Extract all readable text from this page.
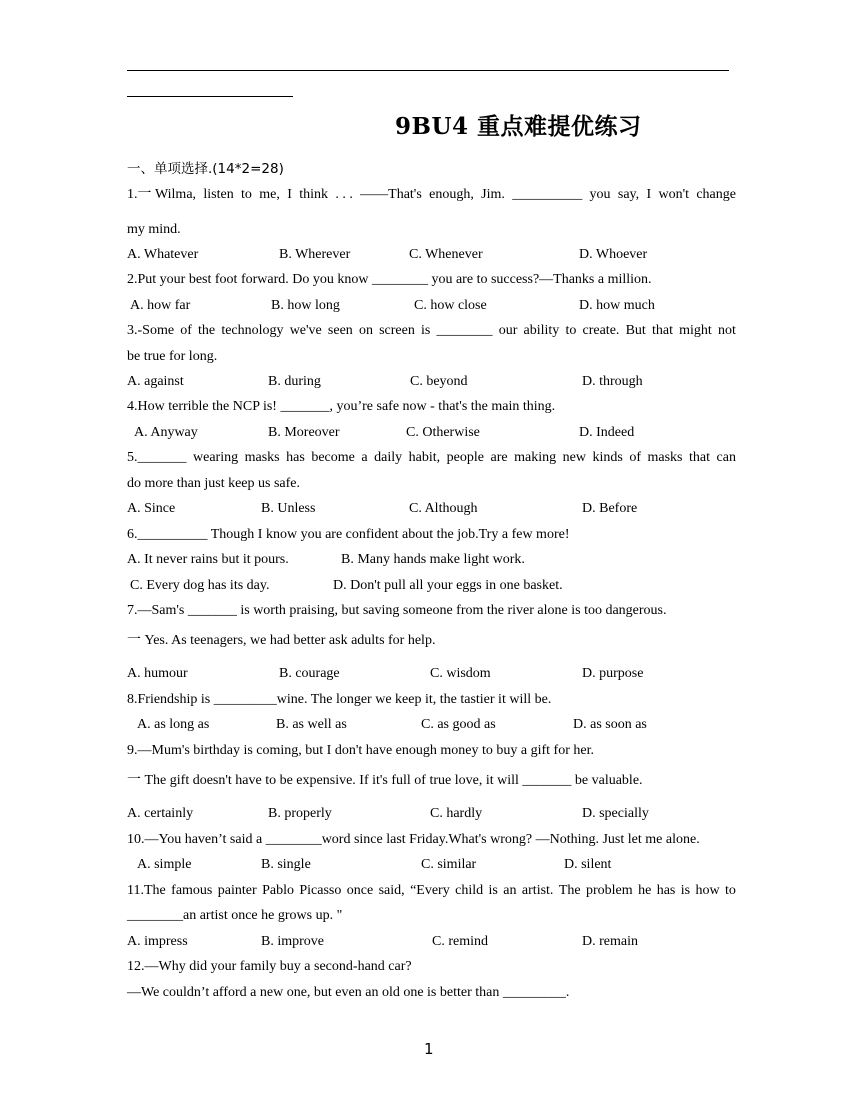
9BU4 重点难提优练习
一、单项选择.(14*2=28)
1.一 Wilma, listen to me, I think . . . ——That's enough, Jim. __________ you say, I won't change
my mind.
A. Whatever	B. Wherever	C. Whenever	D. Whoever
2.Put your best foot forward. Do you know ________ you are to success?—Thanks a million.
A. how far	B. how long	C. how close	D. how much
3.-Some of the technology we've seen on screen is ________ our ability to create. But that might not
be true for long.
A. against	B. during	C. beyond	D. through
4.How terrible the NCP is! _______, you’re safe now - that's the main thing.
A. Anyway	B. Moreover	C. Otherwise	D. Indeed
5._______ wearing masks has become a daily habit, people are making new kinds of masks that can
do more than just keep us safe.
A. Since	B. Unless	C. Although	D. Before
6.__________ Though I know you are confident about the job.Try a few more!
A. It never rains but it pours.	B. Many hands make light work.
C. Every dog has its day.	D. Don't pull all your eggs in one basket.
7.—Sam's _______ is worth praising, but saving someone from the river alone is too dangerous.
一 Yes. As teenagers, we had better ask adults for help.
A. humour	B. courage	C. wisdom	D. purpose
8.Friendship is _________wine. The longer we keep it, the tastier it will be.
A. as long as	B. as well as	C. as good as	D. as soon as
9.—Mum's birthday is coming, but I don't have enough money to buy a gift for her.
一 The gift doesn't have to be expensive. If it's full of true love, it will _______ be valuable.
A. certainly	B. properly	C. hardly	D. specially
10.—You haven’t said a ________word since last Friday.What's wrong? —Nothing. Just let me alone.
A. simple	B. single	C. similar	D. silent
11.The famous painter Pablo Picasso once said, “Every child is an artist. The problem he has is how to
________an artist once he grows up. "
A. impress	B. improve	C. remind	D. remain
12.—Why did your family buy a second-hand car?
—We couldn’t afford a new one, but even an old one is better than _________.
1
